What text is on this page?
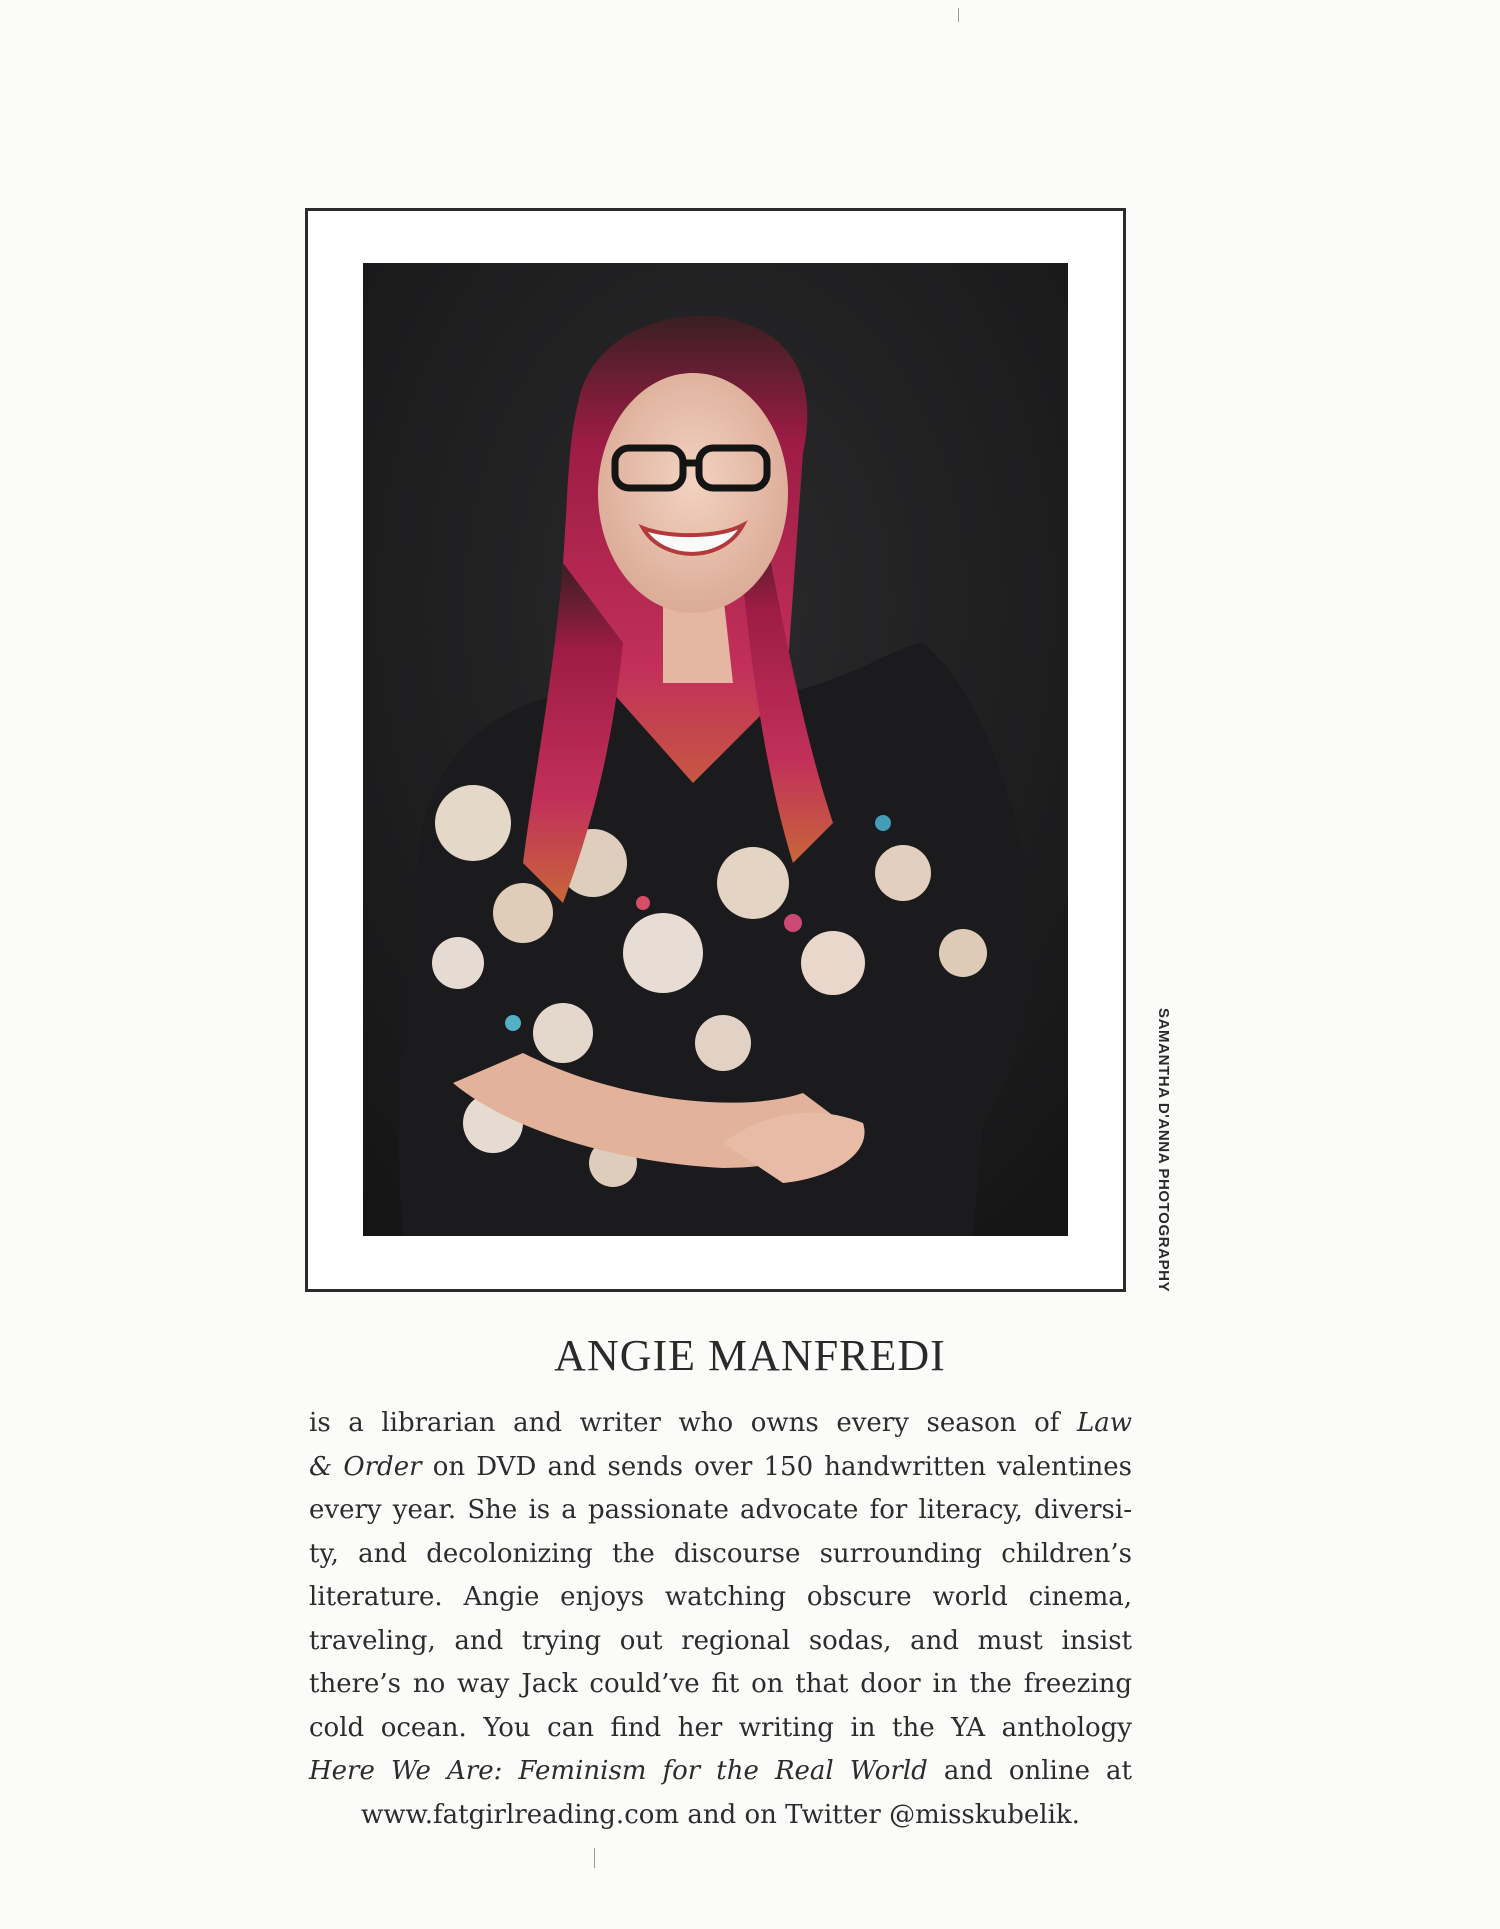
SAMANTHA D'ANNA PHOTOGRAPHY
ANGIE MANFREDI
is a librarian and writer who owns every season of Law
& Order on DVD and sends over 150 handwritten valentines
every year. She is a passionate advocate for literacy, diversi-
ty, and decolonizing the discourse surrounding children’s
literature. Angie enjoys watching obscure world cinema,
traveling, and trying out regional sodas, and must insist
there’s no way Jack could’ve fit on that door in the freezing
cold ocean. You can find her writing in the YA anthology
Here We Are: Feminism for the Real World and online at
www.fatgirlreading.com and on Twitter @misskubelik.
